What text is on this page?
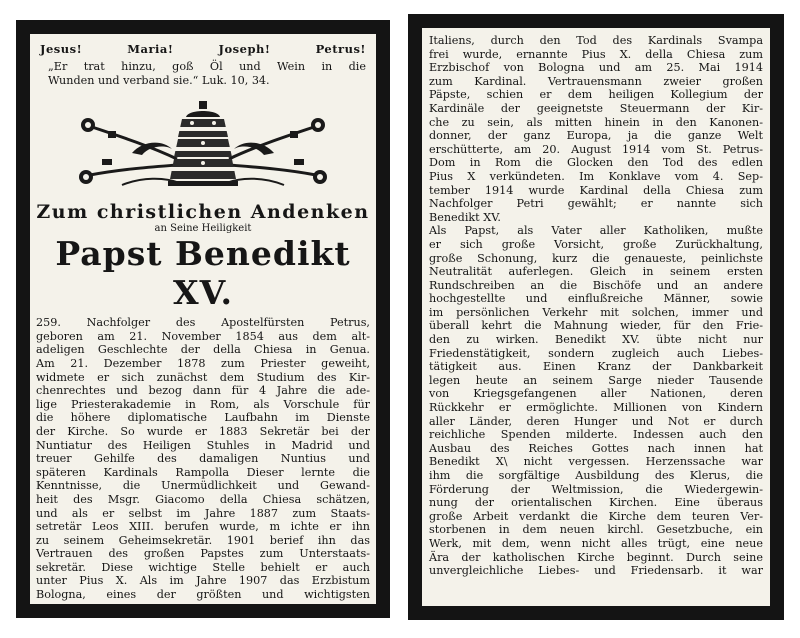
Jesus!	Maria!	Joseph!	Petrus!
„Er trat hinzu, goß Öl und Wein in die
Wunden und verband sie.“ Luk. 10, 34.
Zum christlichen Andenken
an Seine Heiligkeit
Papst Benedikt XV.
259. Nachfolger des Apostelfürsten Petrus,
geboren am 21. November 1854 aus dem alt-
adeligen Geschlechte der della Chiesa in Genua.
Am 21. Dezember 1878 zum Priester geweiht,
widmete er sich zunächst dem Studium des Kir-
chenrechtes und bezog dann für 4 Jahre die ade-
lige Priesterakademie in Rom, als Vorschule für
die höhere diplomatische Laufbahn im Dienste
der Kirche. So wurde er 1883 Sekretär bei der
Nuntiatur des Heiligen Stuhles in Madrid und
treuer Gehilfe des damaligen Nuntius und
späteren Kardinals Rampolla Dieser lernte die
Kenntnisse, die Unermüdlichkeit und Gewand-
heit des Msgr. Giacomo della Chiesa schätzen,
und als er selbst im Jahre 1887 zum Staats-
setretär Leos XIII. berufen wurde, m ichte er ihn
zu seinem Geheimsekretär. 1901 berief ihn das
Vertrauen des großen Papstes zum Unterstaats-
sekretär. Diese wichtige Stelle behielt er auch
unter Pius X. Als im Jahre 1907 das Erzbistum
Bologna, eines der größten und wichtigsten
Italiens, durch den Tod des Kardinals Svampa
frei wurde, ernannte Pius X. della Chiesa zum
Erzbischof von Bologna und am 25. Mai 1914
zum Kardinal. Vertrauensmann zweier großen
Päpste, schien er dem heiligen Kollegium der
Kardinäle der geeignetste Steuermann der Kir-
che zu sein, als mitten hinein in den Kanonen-
donner, der ganz Europa, ja die ganze Welt
erschütterte, am 20. August 1914 vom St. Petrus-
Dom in Rom die Glocken den Tod des edlen
Pius X verkündeten. Im Konklave vom 4. Sep-
tember 1914 wurde Kardinal della Chiesa zum
Nachfolger Petri gewählt; er nannte sich
Benedikt XV.
Als Papst, als Vater aller Katholiken, mußte
er sich große Vorsicht, große Zurückhaltung,
große Schonung, kurz die genaueste, peinlichste
Neutralität auferlegen. Gleich in seinem ersten
Rundschreiben an die Bischöfe und an andere
hochgestellte und einflußreiche Männer, sowie
im persönlichen Verkehr mit solchen, immer und
überall kehrt die Mahnung wieder, für den Frie-
den zu wirken. Benedikt XV. übte nicht nur
Friedenstätigkeit, sondern zugleich auch Liebes-
tätigkeit aus. Einen Kranz der Dankbarkeit
legen heute an seinem Sarge nieder Tausende
von Kriegsgefangenen aller Nationen, deren
Rückkehr er ermöglichte. Millionen von Kindern
aller Länder, deren Hunger und Not er durch
reichliche Spenden milderte. Indessen auch den
Ausbau des Reiches Gottes nach innen hat
Benedikt X\ nicht vergessen. Herzenssache war
ihm die sorgfältige Ausbildung des Klerus, die
Förderung der Weltmission, die Wiedergewin-
nung der orientalischen Kirchen. Eine überaus
große Arbeit verdankt die Kirche dem teuren Ver-
storbenen in dem neuen kirchl. Gesetzbuche, ein
Werk, mit dem, wenn nicht alles trügt, eine neue
Ära der katholischen Kirche beginnt. Durch seine
unvergleichliche Liebes- und Friedensarb. it war
